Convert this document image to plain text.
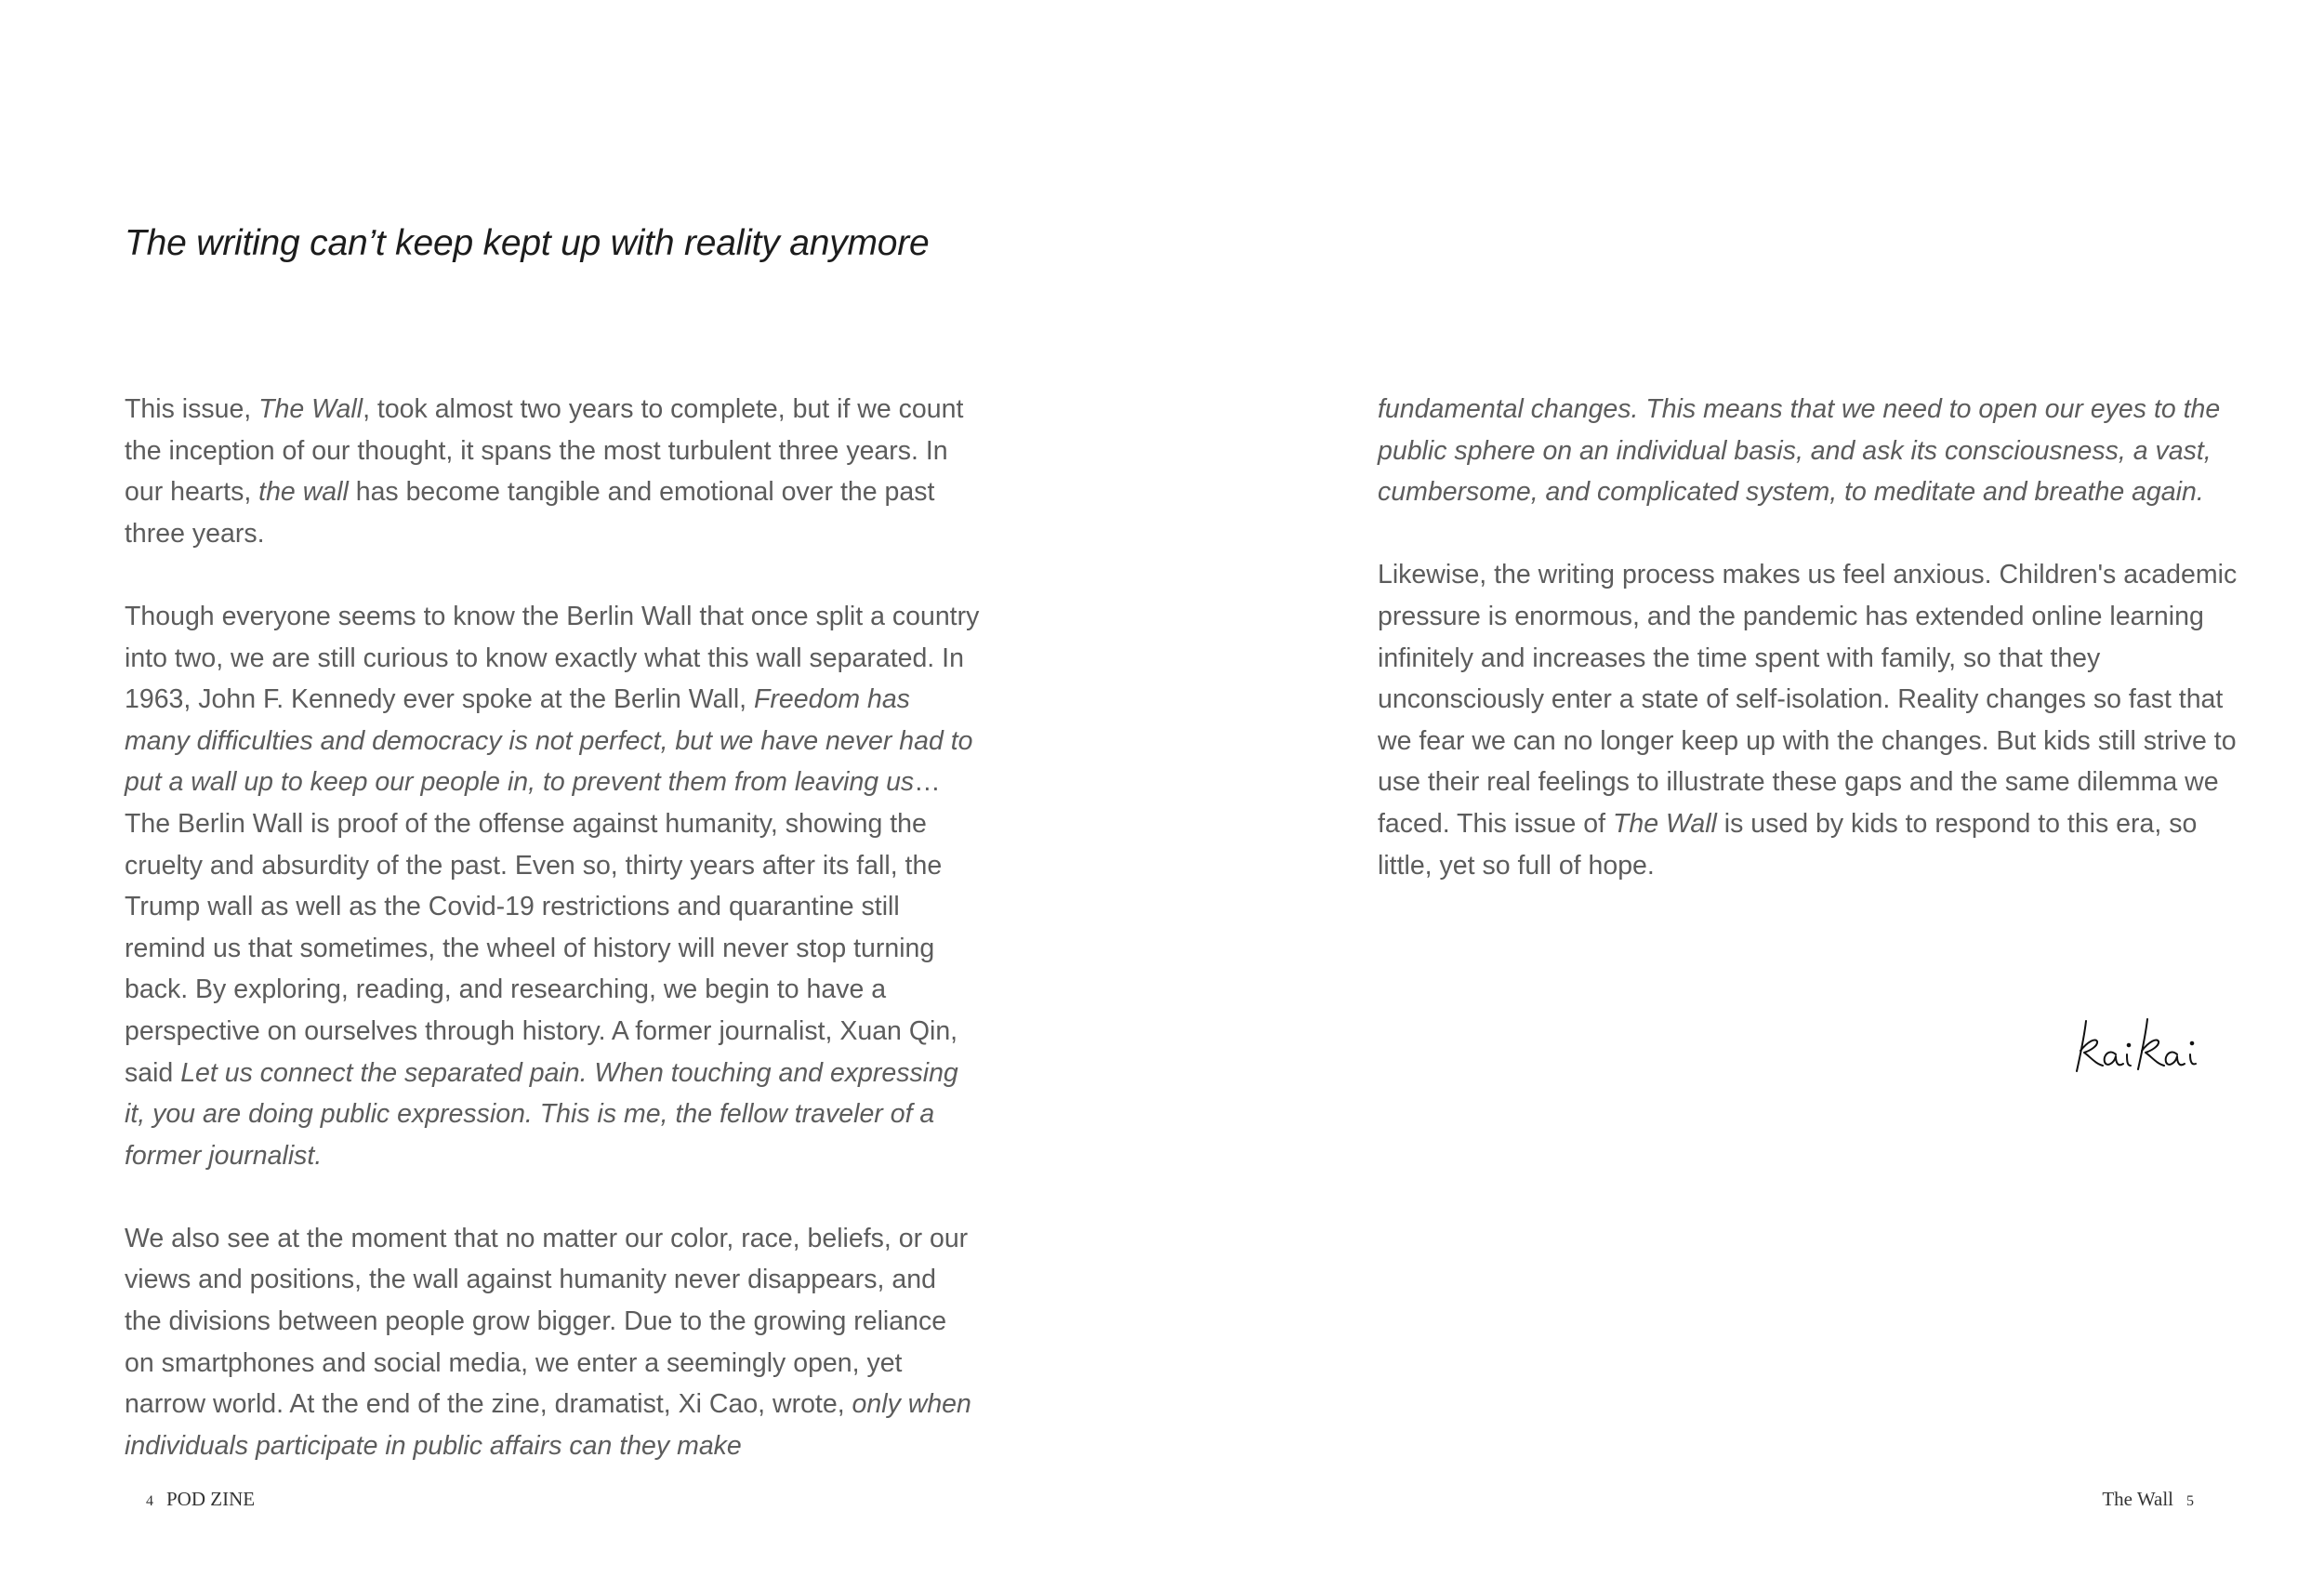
The writing can’t keep kept up with reality anymore

This issue, The Wall, took almost two years to complete, but if we count the inception of our thought, it spans the most turbulent three years. In our hearts, the wall has become tangible and emotional over the past three years.

Though everyone seems to know the Berlin Wall that once split a country into two, we are still curious to know exactly what this wall separated. In 1963, John F. Kennedy ever spoke at the Berlin Wall, Freedom has many difficulties and democracy is not perfect, but we have never had to put a wall up to keep our people in, to prevent them from leaving us…The Berlin Wall is proof of the offense against humanity, showing the cruelty and absurdity of the past. Even so, thirty years after its fall, the Trump wall as well as the Covid-19 restrictions and quarantine still remind us that sometimes, the wheel of history will never stop turning back. By exploring, reading, and researching, we begin to have a perspective on ourselves through history. A former journalist, Xuan Qin, said Let us connect the separated pain. When touching and expressing it, you are doing public expression. This is me, the fellow traveler of a former journalist.

We also see at the moment that no matter our color, race, beliefs, or our views and positions, the wall against humanity never disappears, and the divisions between people grow bigger. Due to the growing reliance on smartphones and social media, we enter a seemingly open, yet narrow world. At the end of the zine, dramatist, Xi Cao, wrote, only when individuals participate in public affairs can they make

fundamental changes. This means that we need to open our eyes to the public sphere on an individual basis, and ask its consciousness, a vast, cumbersome, and complicated system, to meditate and breathe again.

Likewise, the writing process makes us feel anxious. Children's academic pressure is enormous, and the pandemic has extended online learning infinitely and increases the time spent with family, so that they unconsciously enter a state of self-isolation. Reality changes so fast that we fear we can no longer keep up with the changes. But kids still strive to use their real feelings to illustrate these gaps and the same dilemma we faced. This issue of The Wall is used by kids to respond to this era, so little, yet so full of hope.

4 POD ZINE	The Wall 5
